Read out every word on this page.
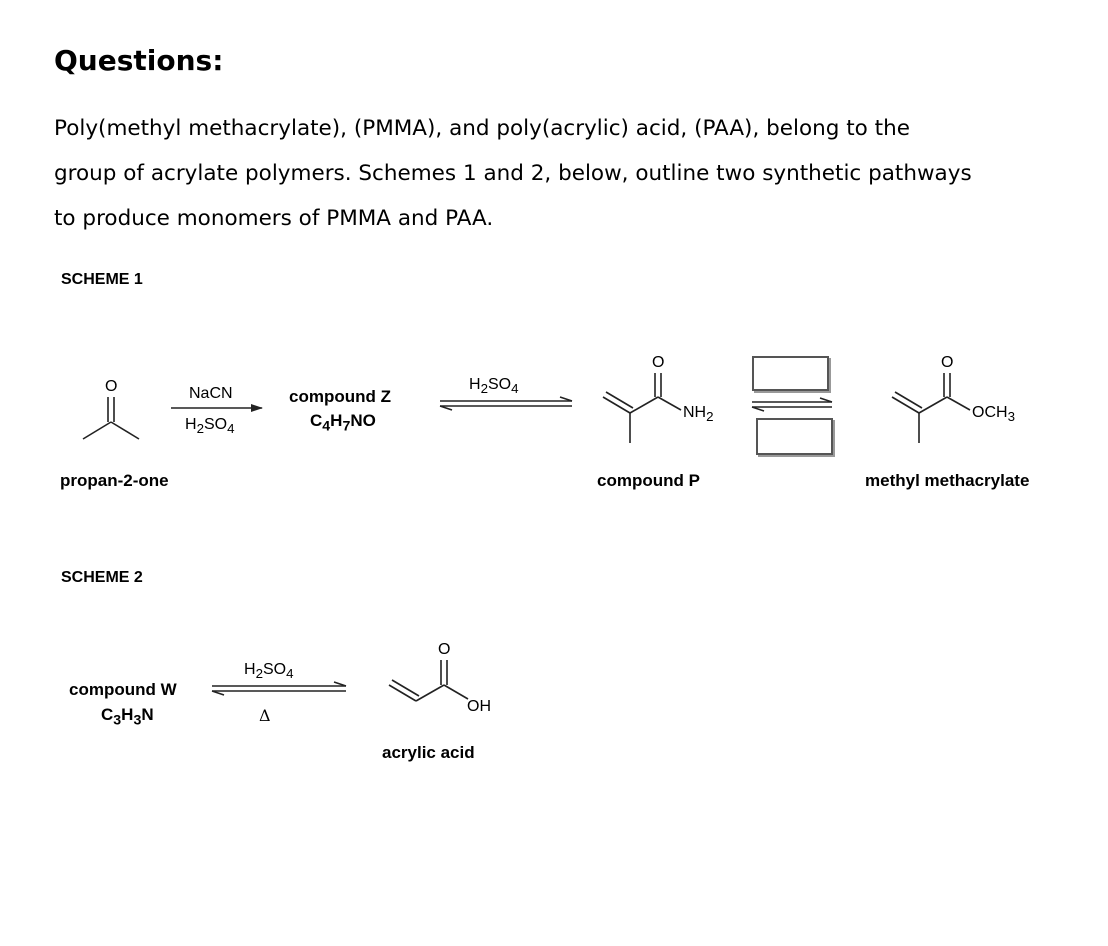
Questions:
Poly(methyl methacrylate), (PMMA), and poly(acrylic) acid, (PAA), belong to the
group of acrylate polymers. Schemes 1 and 2, below, outline two synthetic pathways
to produce monomers of PMMA and PAA.
SCHEME 1
O
O	O
O
NaCN
$H_2SO_4$
compound Z
$C_4H_7NO$
$H_2SO_4$
$NH_2$	$OCH_3$
propan-2-one	compound P	methyl methacrylate
SCHEME 2
compound W
$C_3H_3N$
$H_2SO_4$
Δ	OH
acrylic acid
